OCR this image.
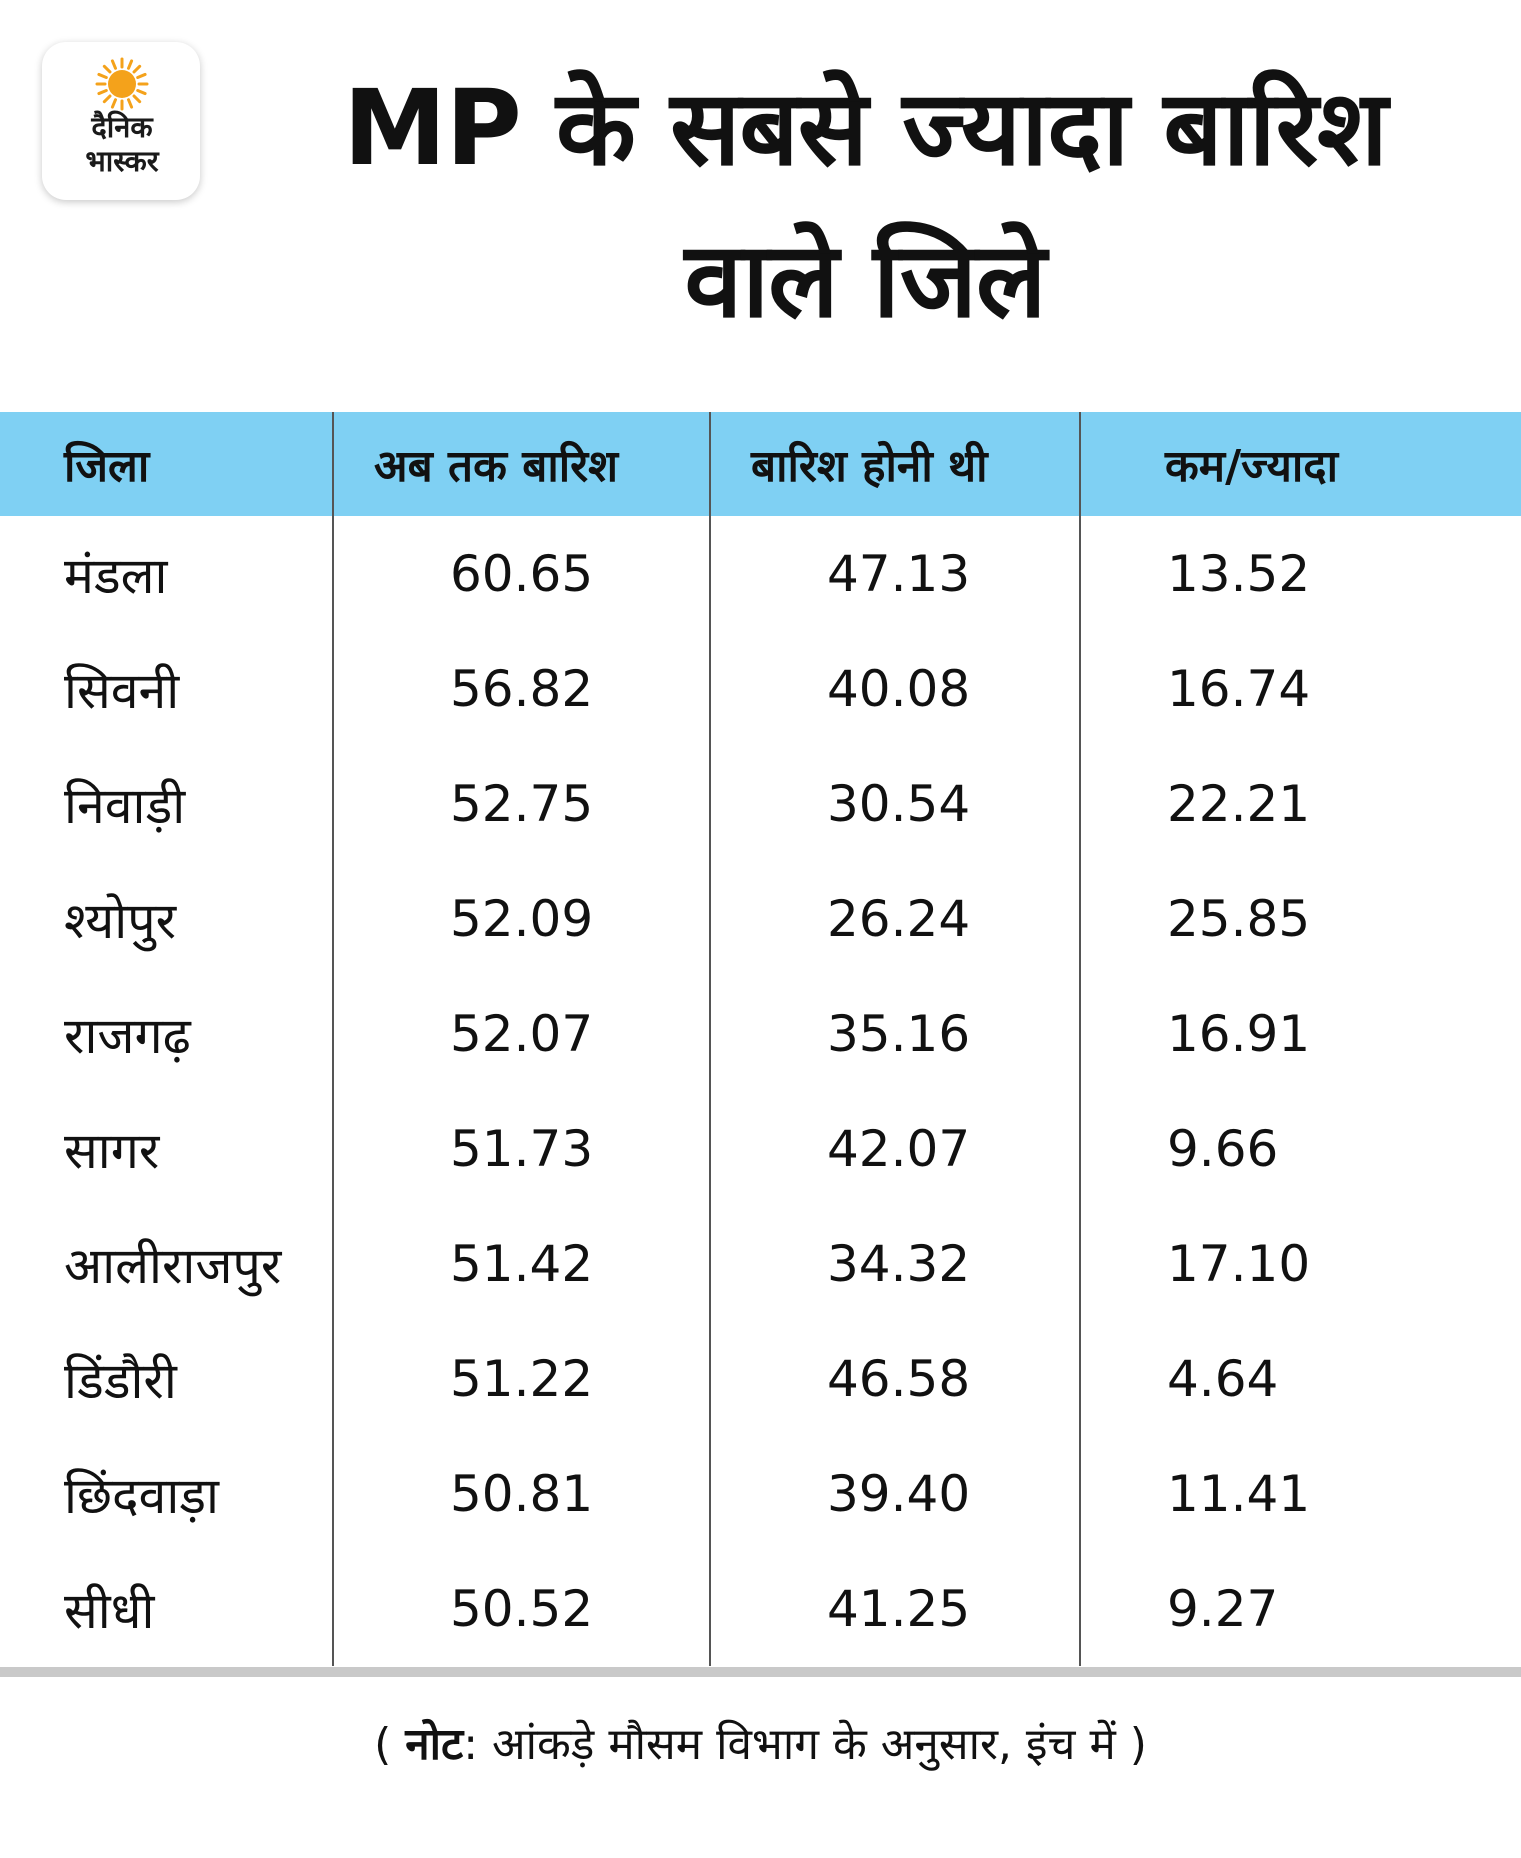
दैनिक
भास्कर	MP के सबसे ज्यादा बारिश वाले जिले
जिला	अब तक बारिश	बारिश होनी थी	कम/ज्यादा
मंडला	60.65	47.13	13.52
सिवनी	56.82	40.08	16.74
निवाड़ी	52.75	30.54	22.21
श्योपुर	52.09	26.24	25.85
राजगढ़	52.07	35.16	16.91
सागर	51.73	42.07	9.66
आलीराजपुर	51.42	34.32	17.10
डिंडौरी	51.22	46.58	4.64
छिंदवाड़ा	50.81	39.40	11.41
सीधी	50.52	41.25	9.27
( नोट: आंकड़े मौसम विभाग के अनुसार, इंच में )
